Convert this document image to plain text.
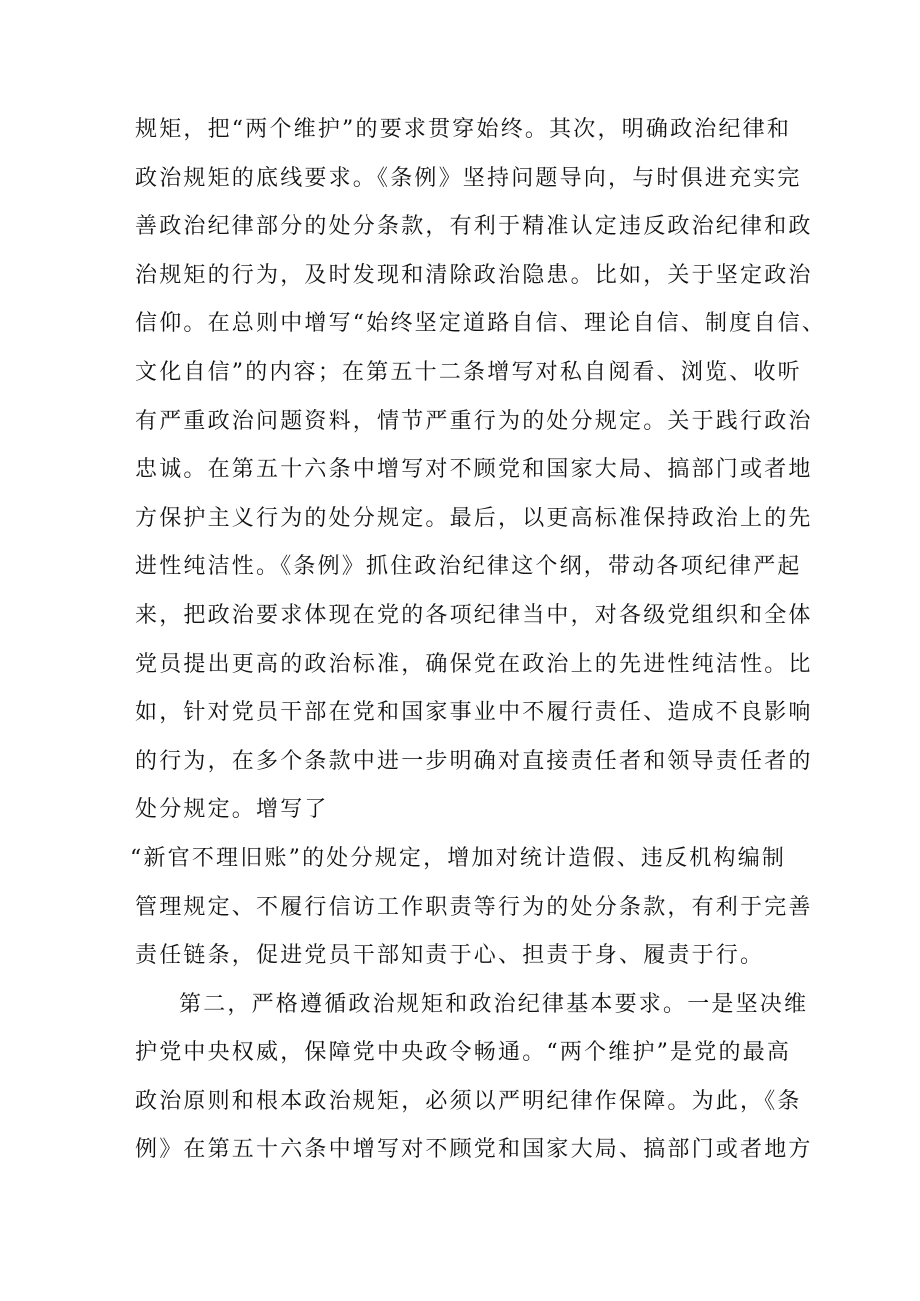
规矩，把“两个维护”的要求贯穿始终。其次，明确政治纪律和
政治规矩的底线要求。《条例》坚持问题导向，与时俱进充实完
善政治纪律部分的处分条款，有利于精准认定违反政治纪律和政
治规矩的行为，及时发现和清除政治隐患。比如，关于坚定政治
信仰。在总则中增写“始终坚定道路自信、理论自信、制度自信、
文化自信”的内容；在第五十二条增写对私自阅看、浏览、收听
有严重政治问题资料，情节严重行为的处分规定。关于践行政治
忠诚。在第五十六条中增写对不顾党和国家大局、搞部门或者地
方保护主义行为的处分规定。最后，以更高标准保持政治上的先
进性纯洁性。《条例》抓住政治纪律这个纲，带动各项纪律严起
来，把政治要求体现在党的各项纪律当中，对各级党组织和全体
党员提出更高的政治标准，确保党在政治上的先进性纯洁性。比
如，针对党员干部在党和国家事业中不履行责任、造成不良影响
的行为，在多个条款中进一步明确对直接责任者和领导责任者的
处分规定。增写了
“新官不理旧账”的处分规定，增加对统计造假、违反机构编制
管理规定、不履行信访工作职责等行为的处分条款，有利于完善
责任链条，促进党员干部知责于心、担责于身、履责于行。
第二，严格遵循政治规矩和政治纪律基本要求。一是坚决维
护党中央权威，保障党中央政令畅通。“两个维护”是党的最高
政治原则和根本政治规矩，必须以严明纪律作保障。为此，《条
例》在第五十六条中增写对不顾党和国家大局、搞部门或者地方
